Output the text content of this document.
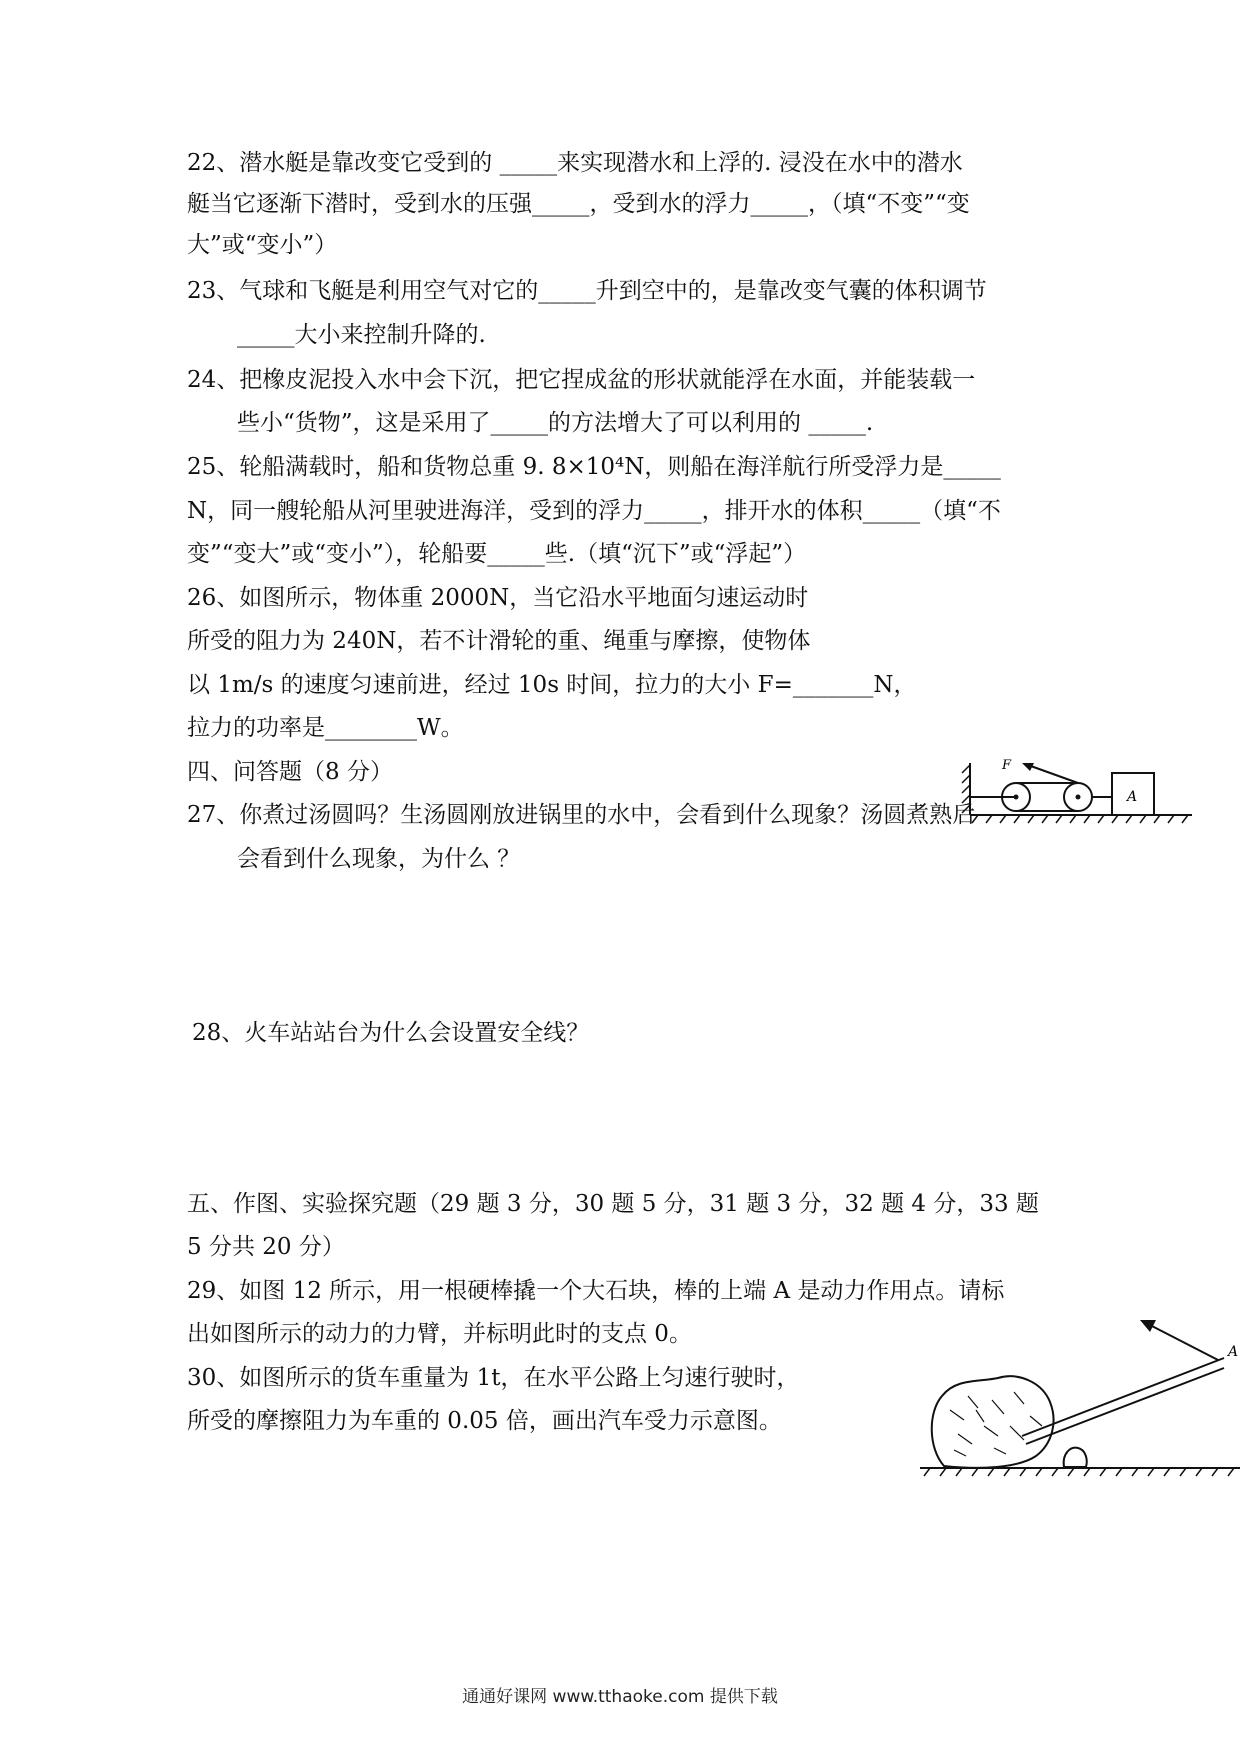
22、潜水艇是靠改变它受到的 _____来实现潜水和上浮的. 浸没在水中的潜水
艇当它逐渐下潜时，受到水的压强_____，受到水的浮力_____，（填“不变”“变
大”或“变小”）
23、气球和飞艇是利用空气对它的_____升到空中的，是靠改变气囊的体积调节
_____大小来控制升降的.
24、把橡皮泥投入水中会下沉，把它捏成盆的形状就能浮在水面，并能装载一
些小“货物”，这是采用了_____的方法增大了可以利用的 _____.
25、轮船满载时，船和货物总重 9. 8×10⁴N，则船在海洋航行所受浮力是_____
N，同一艘轮船从河里驶进海洋，受到的浮力_____，排开水的体积_____（填“不
变”“变大”或“变小”），轮船要_____些.（填“沉下”或“浮起”）
26、如图所示，物体重 2000N，当它沿水平地面匀速运动时
所受的阻力为 240N，若不计滑轮的重、绳重与摩擦，使物体
以 1m/s 的速度匀速前进，经过 10s 时间，拉力的大小 F=_______N，
拉力的功率是________W。
四、问答题（8 分）
27、你煮过汤圆吗？生汤圆刚放进锅里的水中，会看到什么现象？汤圆煮熟后
会看到什么现象，为什么 ？
28、火车站站台为什么会设置安全线？
五、作图、实验探究题（29 题 3 分，30 题 5 分，31 题 3 分，32 题 4 分，33 题
5 分共 20 分）
29、如图 12 所示，用一根硬棒撬一个大石块，棒的上端 A 是动力作用点。请标
出如图所示的动力的力臂，并标明此时的支点 0。
30、如图所示的货车重量为 1t，在水平公路上匀速行驶时，
所受的摩擦阻力为车重的 0.05 倍，画出汽车受力示意图。
F
A
A
通通好课网 www.tthaoke.com 提供下载
